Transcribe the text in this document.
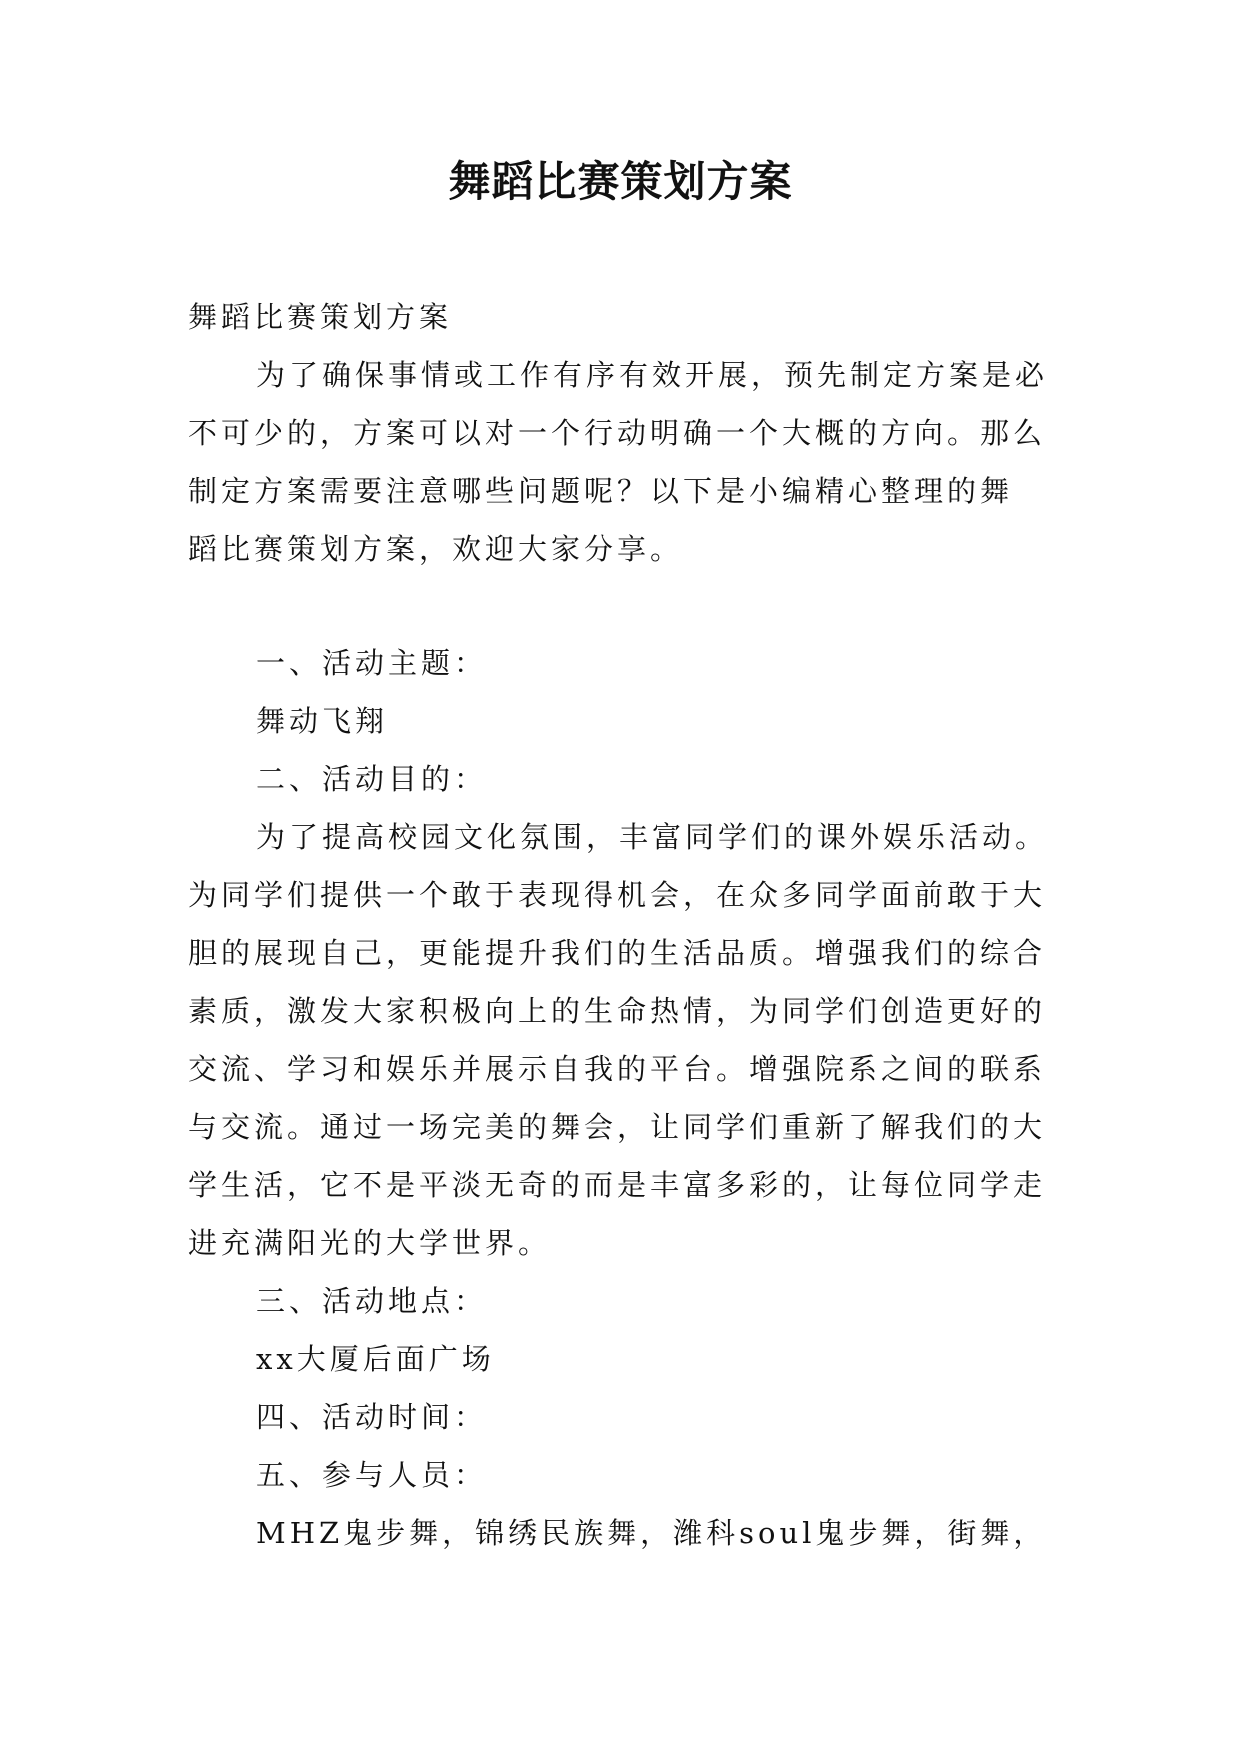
舞蹈比赛策划方案

舞蹈比赛策划方案

为了确保事情或工作有序有效开展，预先制定方案是必

不可少的，方案可以对一个行动明确一个大概的方向。那么

制定方案需要注意哪些问题呢？以下是小编精心整理的舞

蹈比赛策划方案，欢迎大家分享。

一、活动主题：

舞动飞翔

二、活动目的：

为了提高校园文化氛围，丰富同学们的课外娱乐活动。

为同学们提供一个敢于表现得机会，在众多同学面前敢于大

胆的展现自己，更能提升我们的生活品质。增强我们的综合

素质，激发大家积极向上的生命热情，为同学们创造更好的

交流、学习和娱乐并展示自我的平台。增强院系之间的联系

与交流。通过一场完美的舞会，让同学们重新了解我们的大

学生活，它不是平淡无奇的而是丰富多彩的，让每位同学走

进充满阳光的大学世界。

三、活动地点：

xx大厦后面广场

四、活动时间：

五、参与人员：

MHZ鬼步舞，锦绣民族舞，潍科soul鬼步舞，街舞，
